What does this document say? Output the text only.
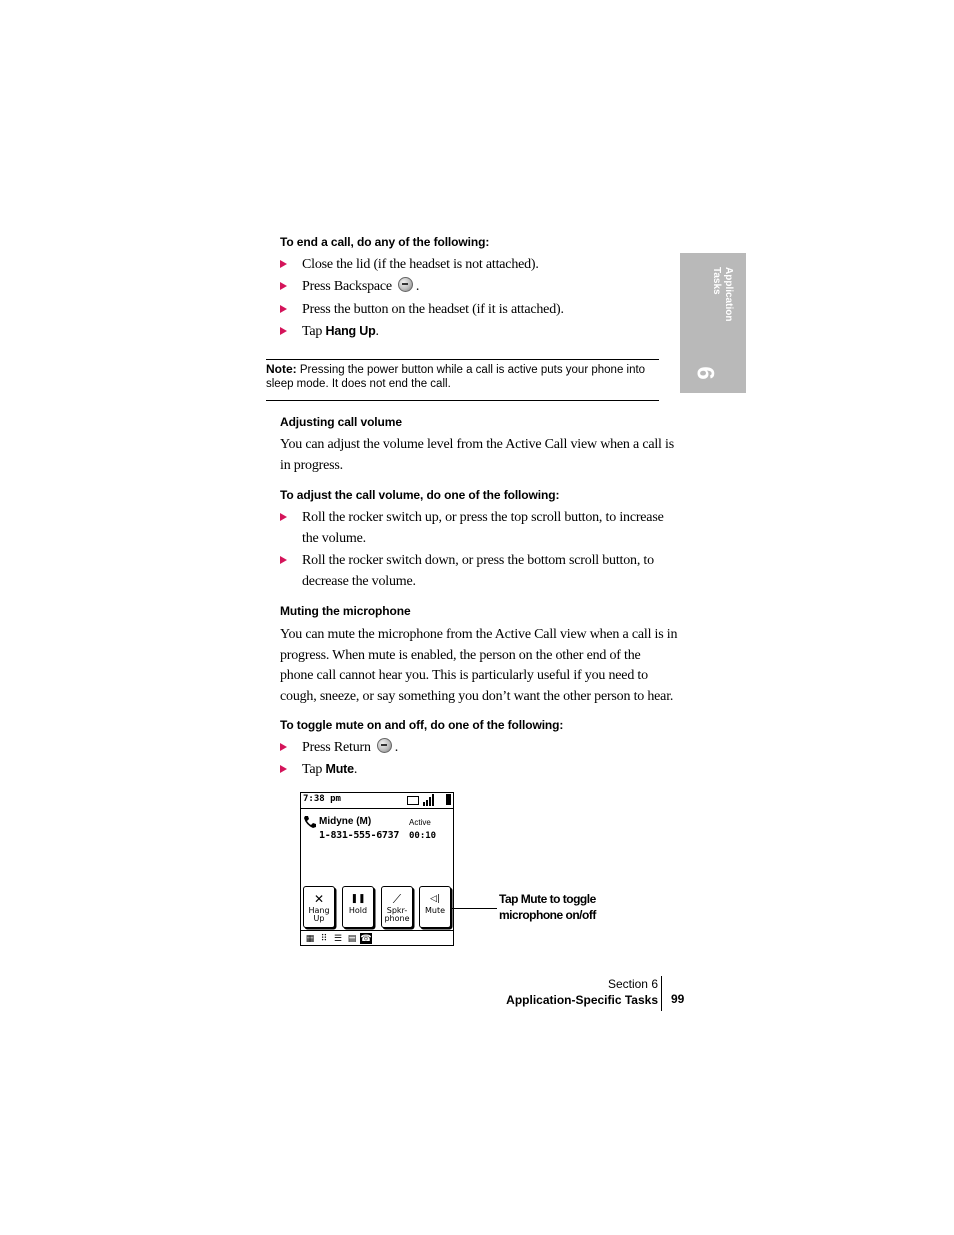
Application
Tasks
6
To end a call, do any of the following:
Close the lid (if the headset is not attached).
Press Backspace .
Press the button on the headset (if it is attached).
Tap Hang Up.
Note: Pressing the power button while a call is active puts your phone into
sleep mode. It does not end the call.
Adjusting call volume
You can adjust the volume level from the Active Call view when a call is
in progress.
To adjust the call volume, do one of the following:
Roll the rocker switch up, or press the top scroll button, to increase
the volume.
Roll the rocker switch down, or press the bottom scroll button, to
decrease the volume.
Muting the microphone
You can mute the microphone from the Active Call view when a call is in
progress. When mute is enabled, the person on the other end of the
phone call cannot hear you. This is particularly useful if you need to
cough, sneeze, or say something you don’t want the other person to hear.
To toggle mute on and off, do one of the following:
Press Return .
Tap Mute.
7:38 pm
Midyne (M)
1-831-555-6737
Active
00:10
✕
Hang
Up
❚❚
Hold
⟋
Spkr-
phone
◁|
Mute
▦ ⠿ ☰ ▤ ☎
Tap Mute to toggle
microphone on/off
Section 6
Application-Specific Tasks 99
